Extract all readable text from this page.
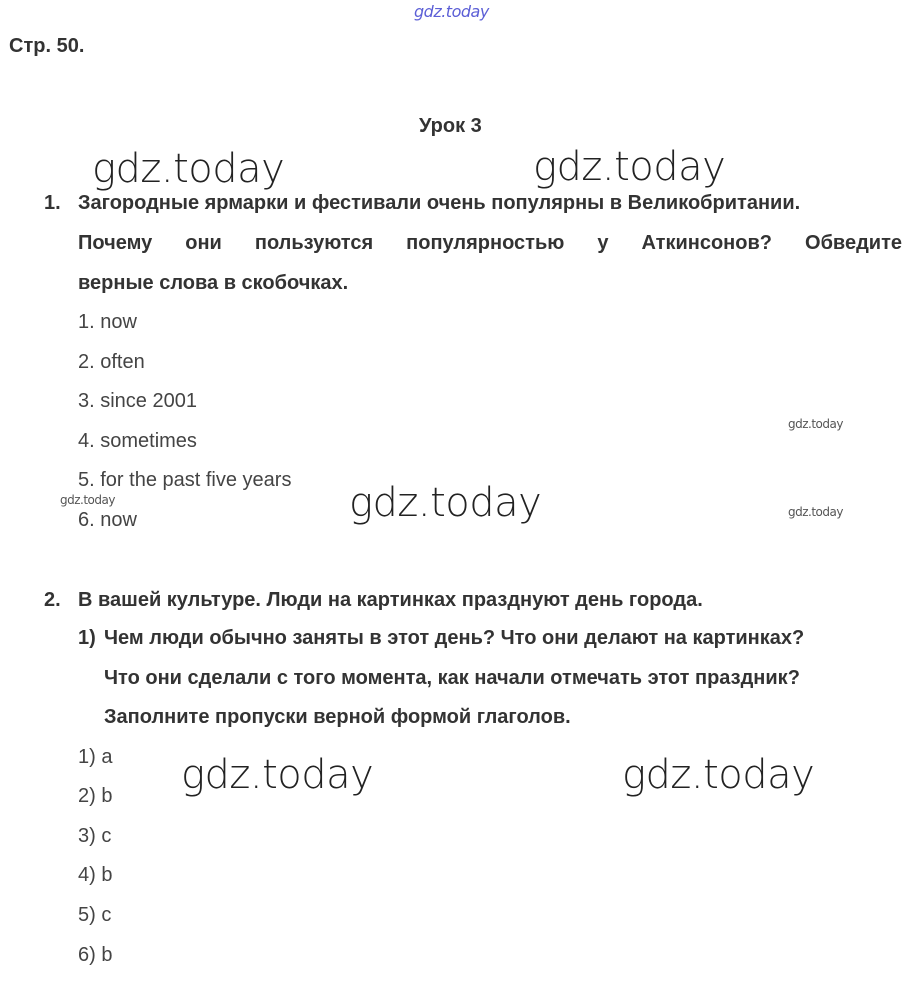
gdz.today
Стр. 50.
Урок 3
gdz.today	gdz.today
gdz.today
gdz.today	gdz.today
gdz.today
gdz.today
gdz.today
1. Загородные ярмарки и фестивали очень популярны в Великобритании.
Почему они пользуются популярностью у Аткинсонов? Обведите
верные слова в скобочках.
1. now
2. often
3. since 2001
4. sometimes
5. for the past five years
6. now
2. В вашей культуре. Люди на картинках празднуют день города.
1) Чем люди обычно заняты в этот день? Что они делают на картинках?
Что они сделали с того момента, как начали отмечать этот праздник?
Заполните пропуски верной формой глаголов.
1) a
2) b
3) c
4) b
5) c
6) b
